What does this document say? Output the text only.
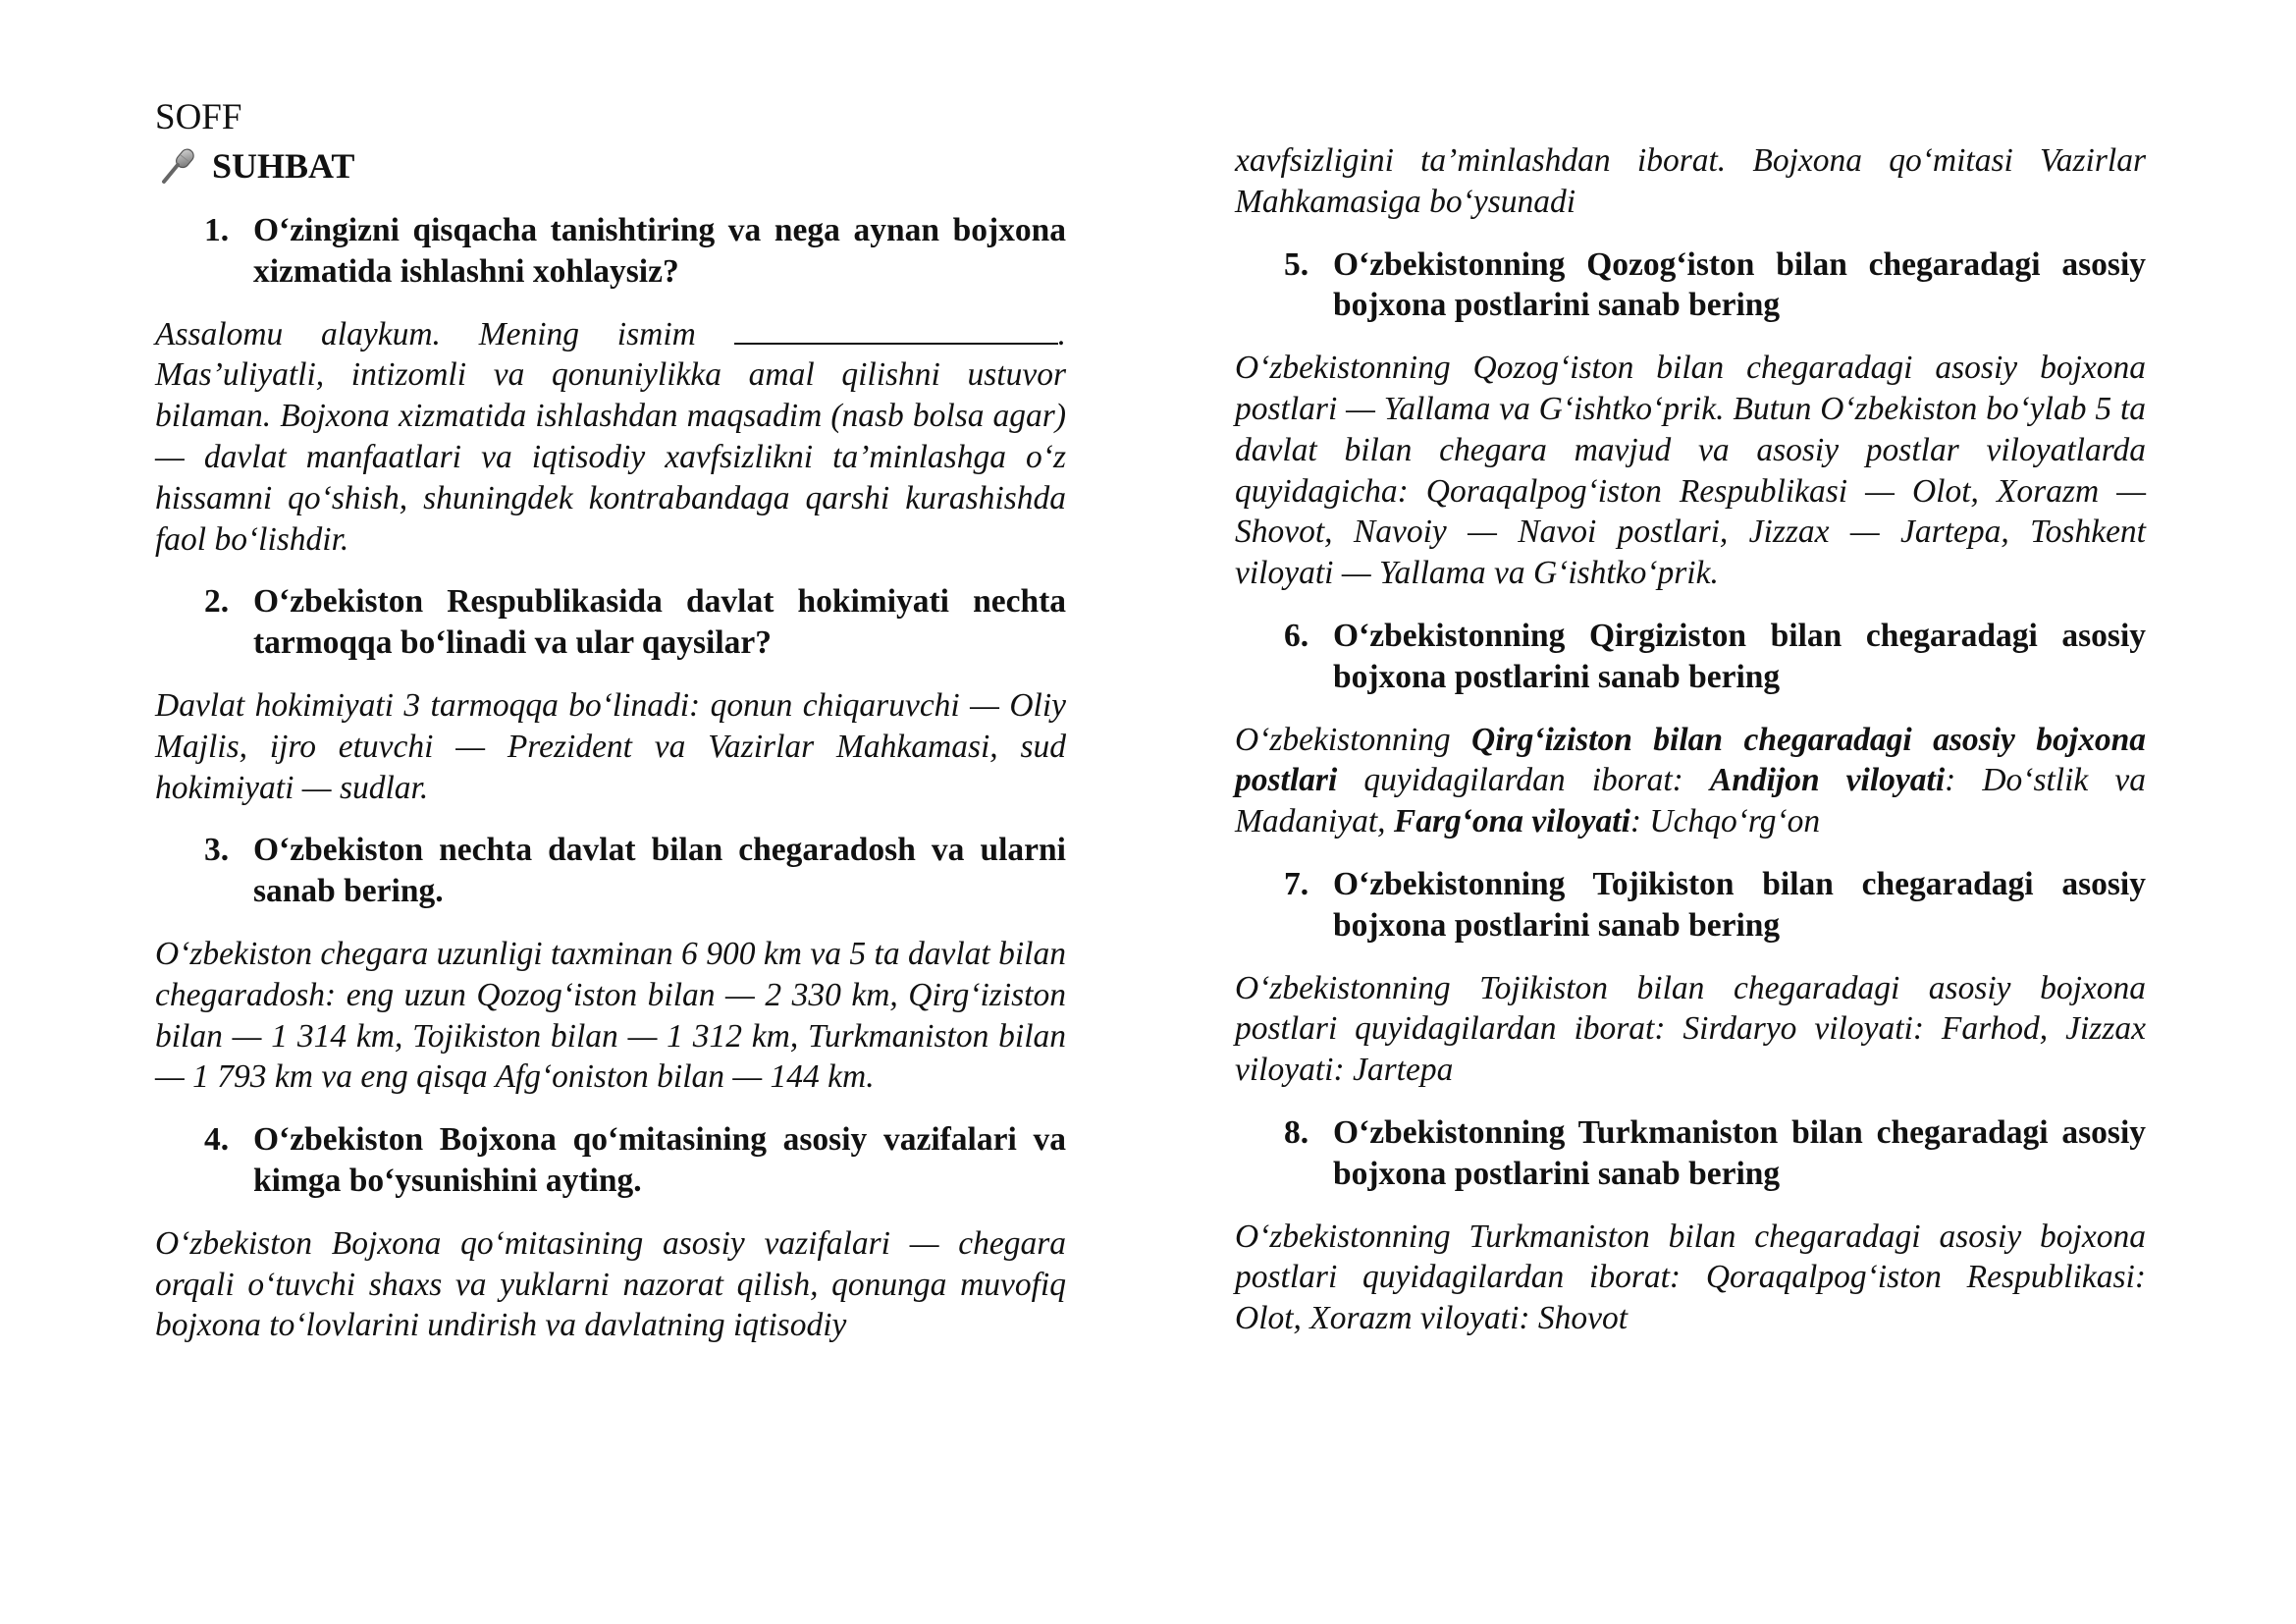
SOFF
SUHBAT
1. O‘zingizni qisqacha tanishtiring va nega aynan bojxona xizmatida ishlashni xohlaysiz?

Assalomu alaykum. Mening ismim	. Mas’uliyatli, intizomli va qonuniylikka amal qilishni ustuvor bilaman. Bojxona xizmatida ishlashdan maqsadim (nasb bolsa agar) — davlat manfaatlari va iqtisodiy xavfsizlikni ta’minlashga o‘z hissamni qo‘shish, shuningdek kontrabandaga qarshi kurashishda faol bo‘lishdir.

2. O‘zbekiston Respublikasida davlat hokimiyati nechta tarmoqqa bo‘linadi va ular qaysilar?

Davlat hokimiyati 3 tarmoqqa bo‘linadi: qonun chiqaruvchi — Oliy Majlis, ijro etuvchi — Prezident va Vazirlar Mahkamasi, sud hokimiyati — sudlar.

3. O‘zbekiston nechta davlat bilan chegaradosh va ularni sanab bering.

O‘zbekiston chegara uzunligi taxminan 6 900 km va 5 ta davlat bilan chegaradosh: eng uzun Qozog‘iston bilan — 2 330 km, Qirg‘iziston bilan — 1 314 km, Tojikiston bilan — 1 312 km, Turkmaniston bilan — 1 793 km va eng qisqa Afg‘oniston bilan — 144 km.

4. O‘zbekiston Bojxona qo‘mitasining asosiy vazifalari va kimga bo‘ysunishini ayting.

O‘zbekiston Bojxona qo‘mitasining asosiy vazifalari — chegara orqali o‘tuvchi shaxs va yuklarni nazorat qilish, qonunga muvofiq bojxona to‘lovlarini undirish va davlatning iqtisodiy

xavfsizligini ta’minlashdan iborat. Bojxona qo‘mitasi Vazirlar Mahkamasiga bo‘ysunadi

5. O‘zbekistonning Qozog‘iston bilan chegaradagi asosiy bojxona postlarini sanab bering

O‘zbekistonning Qozog‘iston bilan chegaradagi asosiy bojxona postlari — Yallama va G‘ishtko‘prik. Butun O‘zbekiston bo‘ylab 5 ta davlat bilan chegara mavjud va asosiy postlar viloyatlarda quyidagicha: Qoraqalpog‘iston Respublikasi — Olot, Xorazm — Shovot, Navoiy — Navoi postlari, Jizzax — Jartepa, Toshkent viloyati — Yallama va G‘ishtko‘prik.

6. O‘zbekistonning Qirgiziston bilan chegaradagi asosiy bojxona postlarini sanab bering

O‘zbekistonning Qirg‘iziston bilan chegaradagi asosiy bojxona postlari quyidagilardan iborat: Andijon viloyati: Do‘stlik va Madaniyat, Farg‘ona viloyati: Uchqo‘rg‘on

7. O‘zbekistonning Tojikiston bilan chegaradagi asosiy bojxona postlarini sanab bering

O‘zbekistonning Tojikiston bilan chegaradagi asosiy bojxona postlari quyidagilardan iborat: Sirdaryo viloyati: Farhod, Jizzax viloyati: Jartepa

8. O‘zbekistonning Turkmaniston bilan chegaradagi asosiy bojxona postlarini sanab bering

O‘zbekistonning Turkmaniston bilan chegaradagi asosiy bojxona postlari quyidagilardan iborat: Qoraqalpog‘iston Respublikasi: Olot, Xorazm viloyati: Shovot
